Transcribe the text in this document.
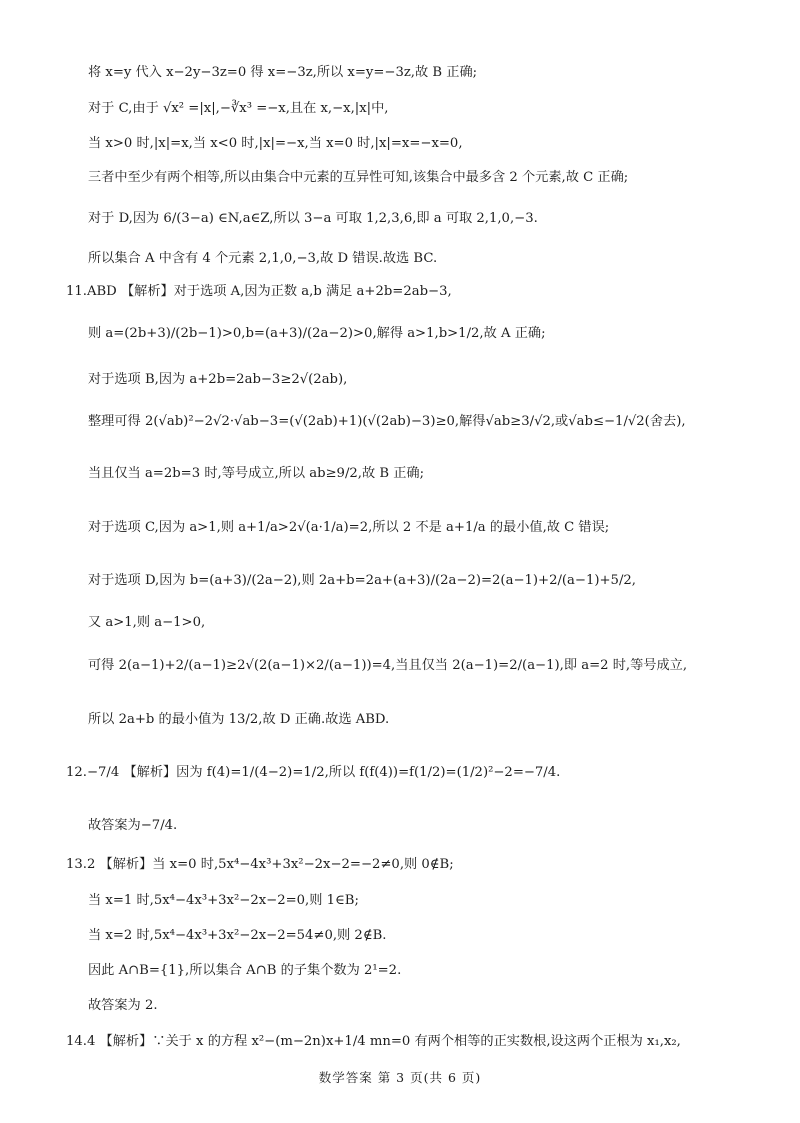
将 x=y 代入 x−2y−3z=0 得 x=−3z,所以 x=y=−3z,故 B 正确;
对于 C,由于 √x² =|x|,−∛x³ =−x,且在 x,−x,|x|中,
当 x>0 时,|x|=x,当 x<0 时,|x|=−x,当 x=0 时,|x|=x=−x=0,
三者中至少有两个相等,所以由集合中元素的互异性可知,该集合中最多含 2 个元素,故 C 正确;
对于 D,因为 6/(3−a) ∈N,a∈Z,所以 3−a 可取 1,2,3,6,即 a 可取 2,1,0,−3.
所以集合 A 中含有 4 个元素 2,1,0,−3,故 D 错误.故选 BC.
11.ABD 【解析】对于选项 A,因为正数 a,b 满足 a+2b=2ab−3,
则 a=(2b+3)/(2b−1)>0,b=(a+3)/(2a−2)>0,解得 a>1,b>1/2,故 A 正确;
对于选项 B,因为 a+2b=2ab−3≥2√(2ab),
整理可得 2(√ab)²−2√2·√ab−3=(√(2ab)+1)(√(2ab)−3)≥0,解得√ab≥3/√2,或√ab≤−1/√2(舍去),
当且仅当 a=2b=3 时,等号成立,所以 ab≥9/2,故 B 正确;
对于选项 C,因为 a>1,则 a+1/a>2√(a·1/a)=2,所以 2 不是 a+1/a 的最小值,故 C 错误;
对于选项 D,因为 b=(a+3)/(2a−2),则 2a+b=2a+(a+3)/(2a−2)=2(a−1)+2/(a−1)+5/2,
又 a>1,则 a−1>0,
可得 2(a−1)+2/(a−1)≥2√(2(a−1)×2/(a−1))=4,当且仅当 2(a−1)=2/(a−1),即 a=2 时,等号成立,
所以 2a+b 的最小值为 13/2,故 D 正确.故选 ABD.
12.−7/4 【解析】因为 f(4)=1/(4−2)=1/2,所以 f(f(4))=f(1/2)=(1/2)²−2=−7/4.
故答案为−7/4.
13.2 【解析】当 x=0 时,5x⁴−4x³+3x²−2x−2=−2≠0,则 0∉B;
当 x=1 时,5x⁴−4x³+3x²−2x−2=0,则 1∈B;
当 x=2 时,5x⁴−4x³+3x²−2x−2=54≠0,则 2∉B.
因此 A∩B={1},所以集合 A∩B 的子集个数为 2¹=2.
故答案为 2.
14.4 【解析】∵关于 x 的方程 x²−(m−2n)x+1/4 mn=0 有两个相等的正实数根,设这两个正根为 x₁,x₂,
数学答案 第 3 页(共 6 页)
